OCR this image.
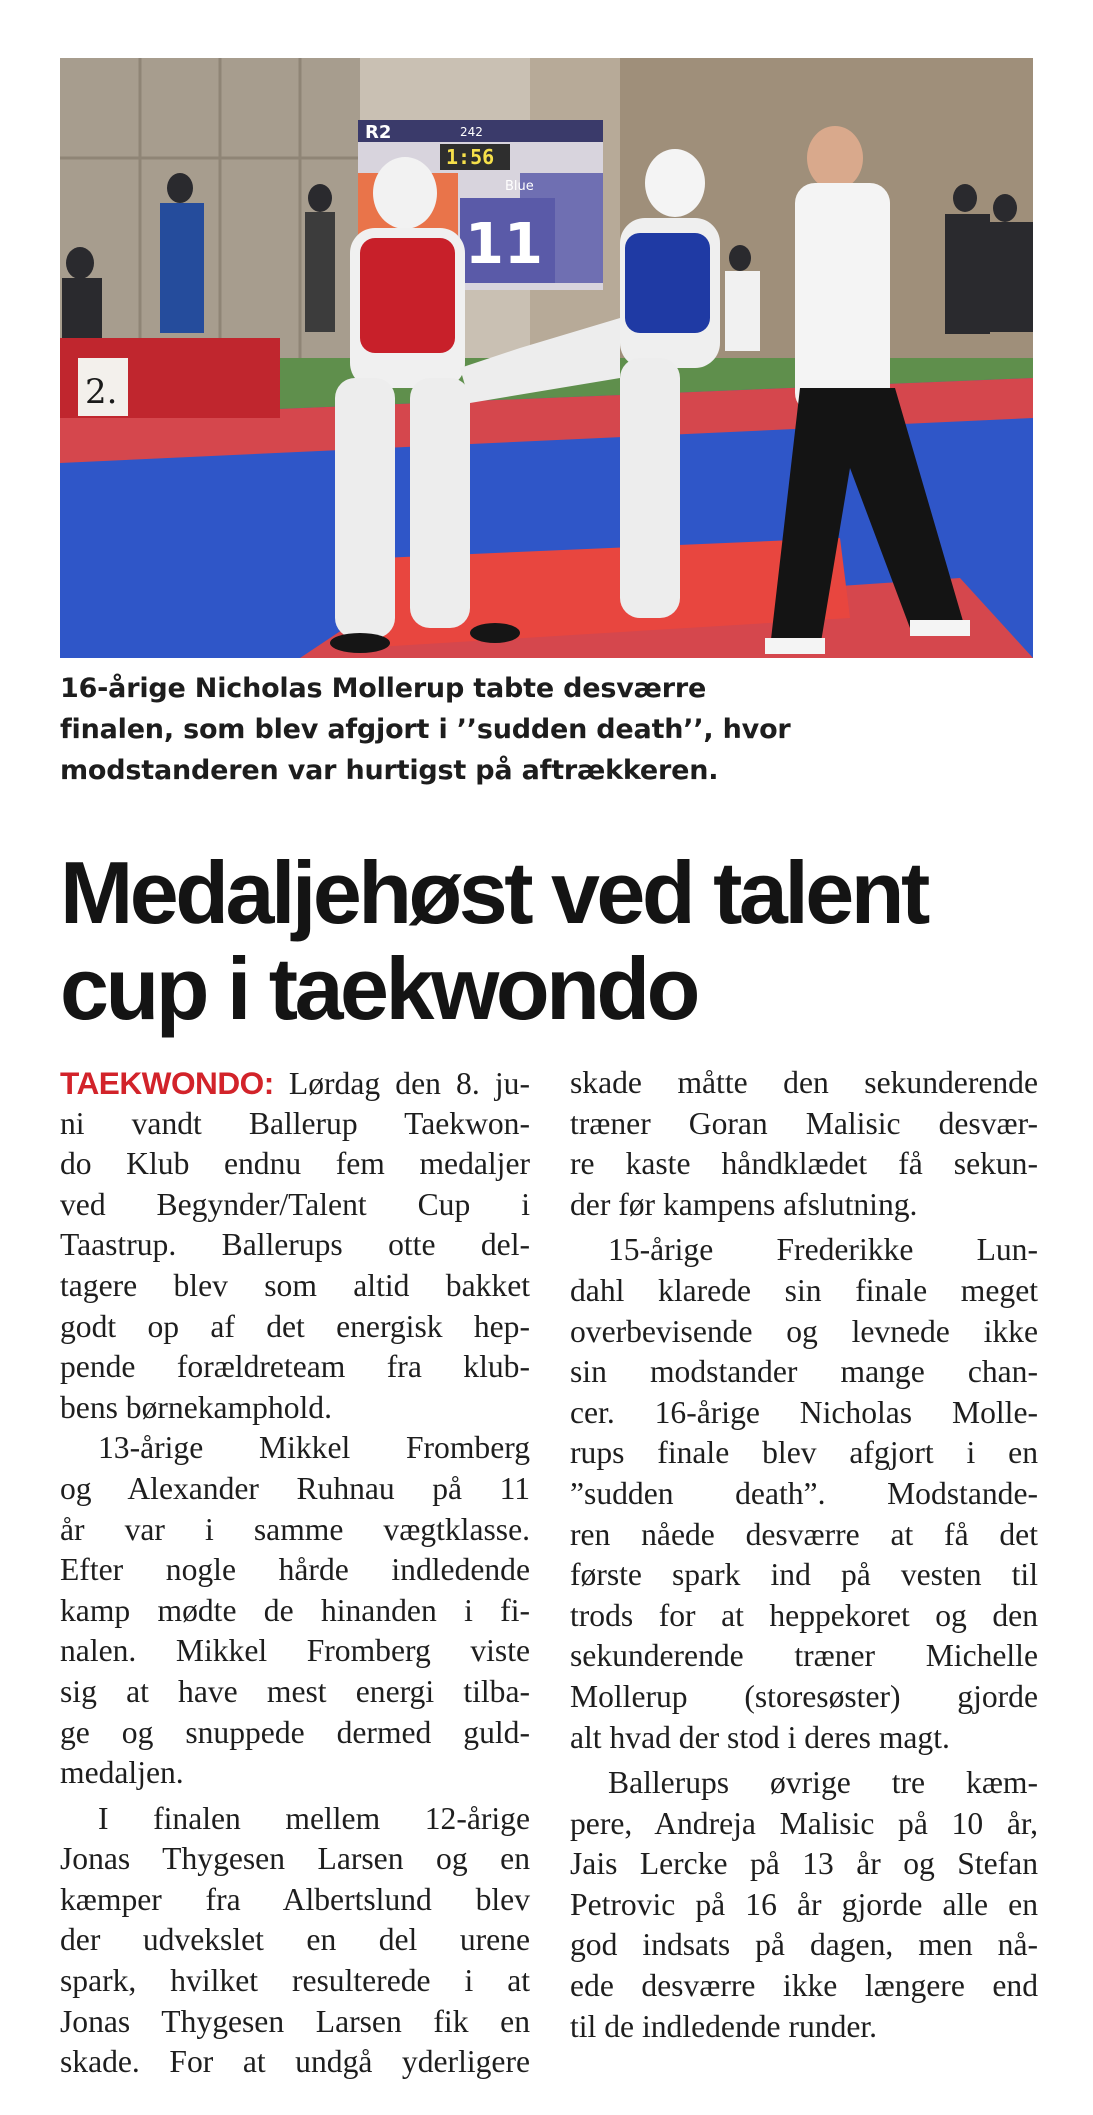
R2	242
1:56
Blue
11
2.
16-årige Nicholas Mollerup tabte desværre
finalen, som blev afgjort i ’’sudden death’’, hvor
modstanderen var hurtigst på aftrækkeren.
Medaljehøst ved talent
cup i taekwondo
TAEKWONDO: Lørdag den 8. ju-
ni vandt Ballerup Taekwon-
do Klub endnu fem medaljer
ved Begynder/Talent Cup i
Taastrup. Ballerups otte del-
tagere blev som altid bakket
godt op af det energisk hep-
pende forældreteam fra klub-
bens børnekamphold.
13-årige Mikkel Fromberg
og Alexander Ruhnau på 11
år var i samme vægtklasse.
Efter nogle hårde indledende
kamp mødte de hinanden i fi-
nalen. Mikkel Fromberg viste
sig at have mest energi tilba-
ge og snuppede dermed guld-
medaljen.
I finalen mellem 12-årige
Jonas Thygesen Larsen og en
kæmper fra Albertslund blev
der udvekslet en del urene
spark, hvilket resulterede i at
Jonas Thygesen Larsen fik en
skade. For at undgå yderligere
skade måtte den sekunderende
træner Goran Malisic desvær-
re kaste håndklædet få sekun-
der før kampens afslutning.
15-årige Frederikke Lun-
dahl klarede sin finale meget
overbevisende og levnede ikke
sin modstander mange chan-
cer. 16-årige Nicholas Molle-
rups finale blev afgjort i en
”sudden death”. Modstande-
ren nåede desværre at få det
første spark ind på vesten til
trods for at heppekoret og den
sekunderende træner Michelle
Mollerup (storesøster) gjorde
alt hvad der stod i deres magt.
Ballerups øvrige tre kæm-
pere, Andreja Malisic på 10 år,
Jais Lercke på 13 år og Stefan
Petrovic på 16 år gjorde alle en
god indsats på dagen, men nå-
ede desværre ikke længere end
til de indledende runder.
